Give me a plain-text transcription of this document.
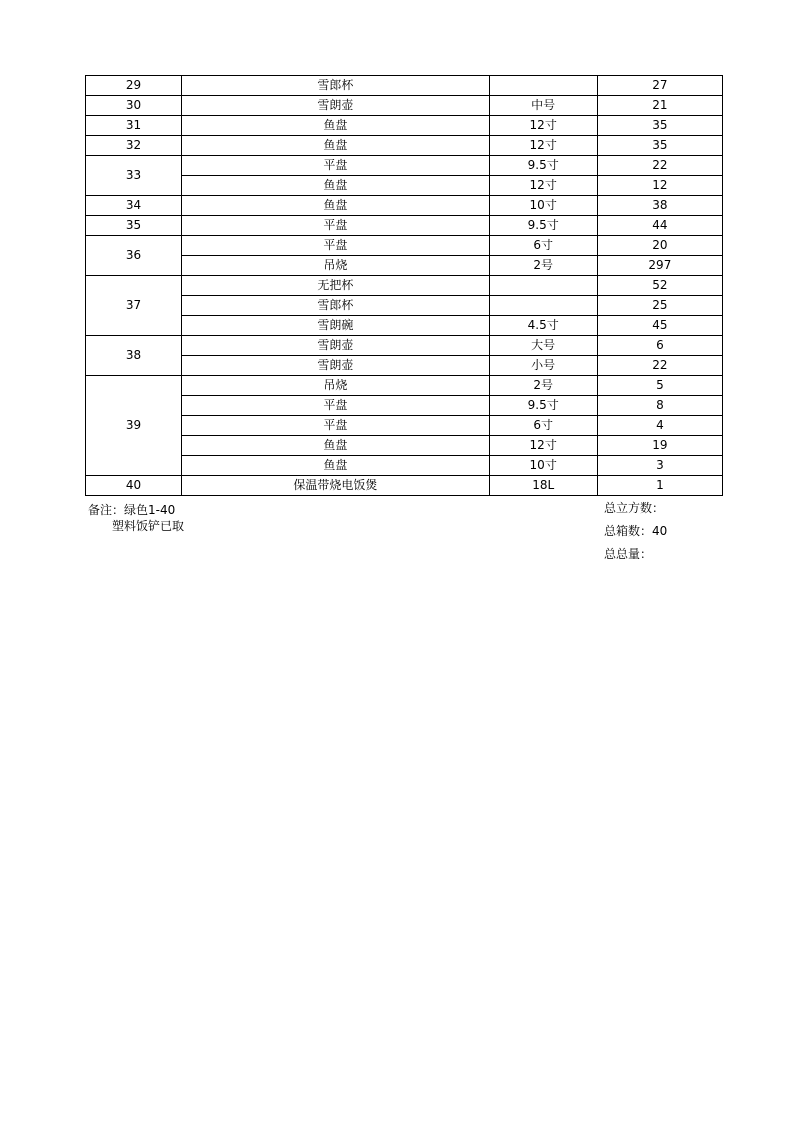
29	雪郎杯		27
30	雪朗壶	中号	21
31	鱼盘	12寸	35
32	鱼盘	12寸	35
33	平盘	9.5寸	22
	鱼盘	12寸	12
34	鱼盘	10寸	38
35	平盘	9.5寸	44
36	平盘	6寸	20
	吊烧	2号	297
37	无把杯		52
	雪郎杯		25
	雪朗碗	4.5寸	45
38	雪朗壶	大号	6
	雪朗壶	小号	22
39	吊烧	2号	5
	平盘	9.5寸	8
	平盘	6寸	4
	鱼盘	12寸	19
	鱼盘	10寸	3
40	保温带烧电饭煲	18L	1
备注：绿色1-40
塑料饭铲已取
总立方数：
总箱数：40
总总量：
